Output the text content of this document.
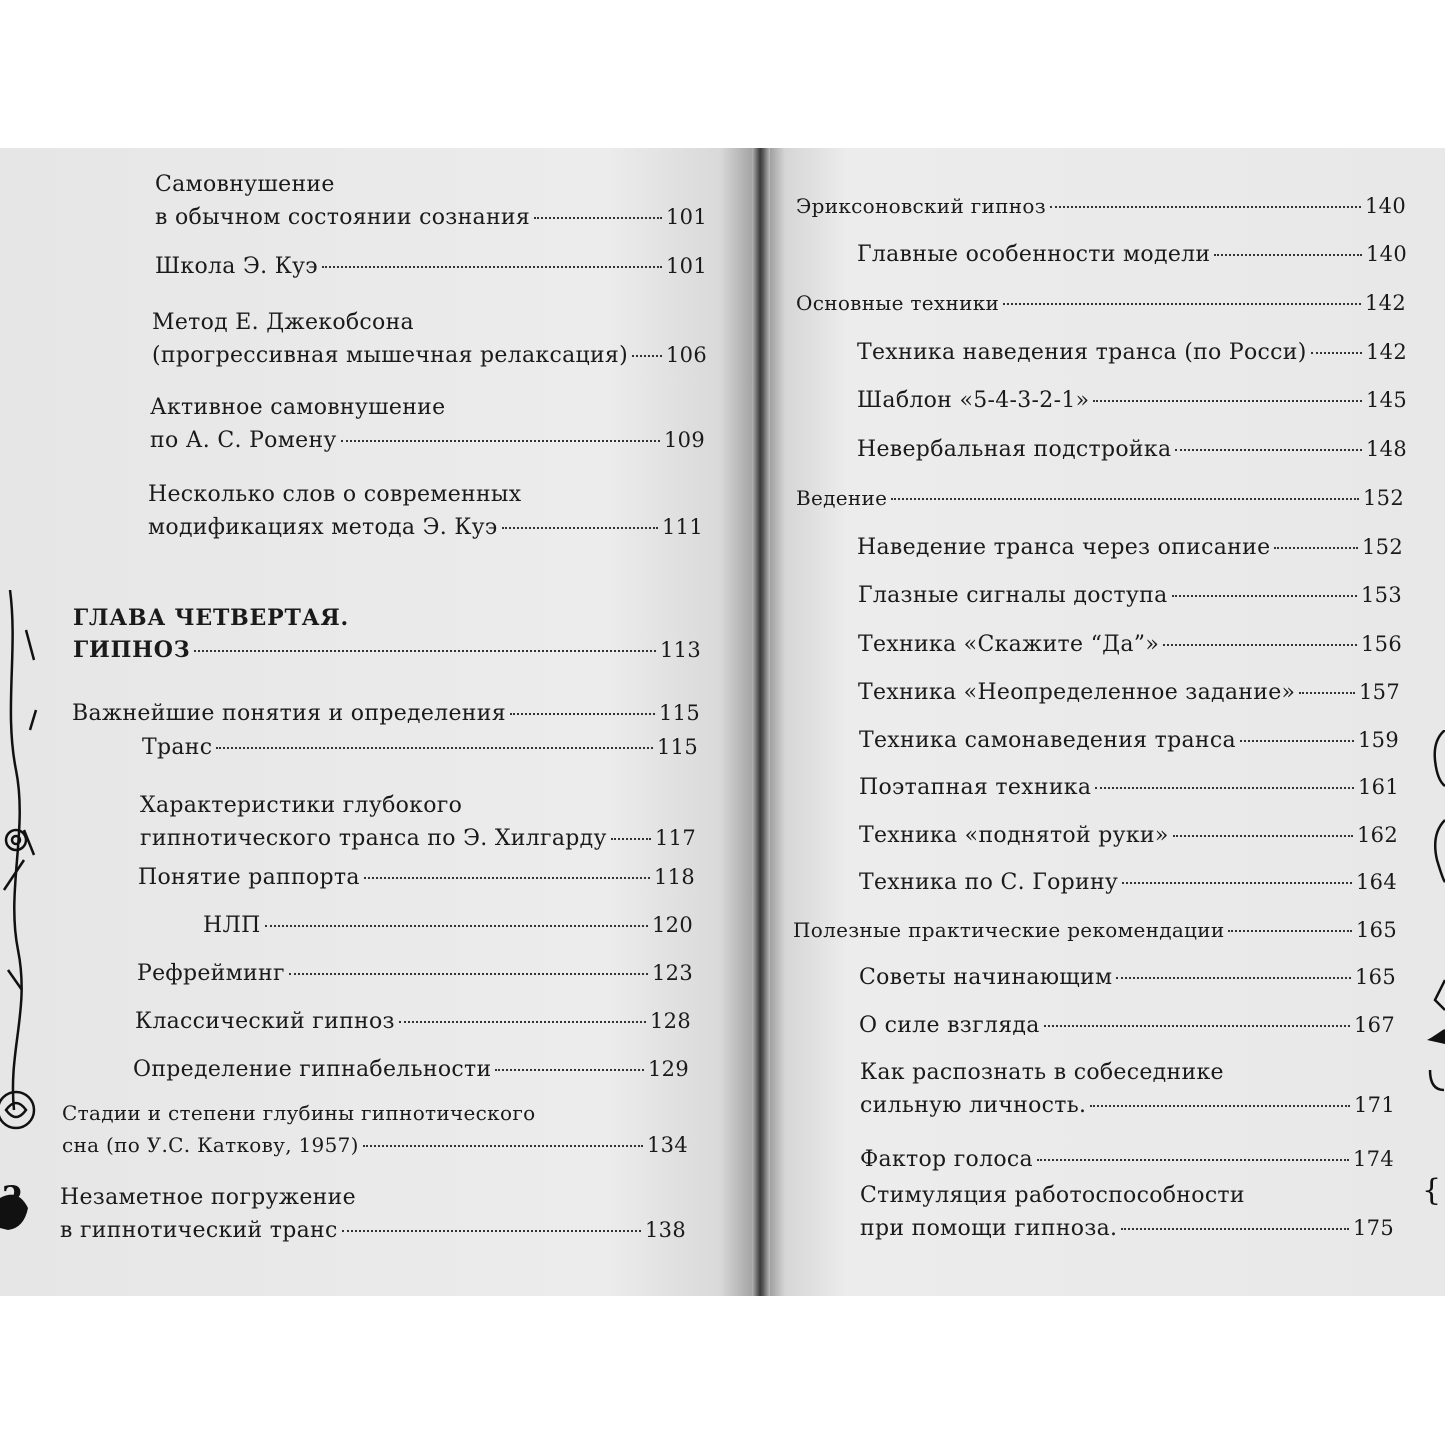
?	{
Самовнушение
в обычном состоянии сознания	101
Школа Э. Куэ	101
Метод Е. Джекобсона
(прогрессивная мышечная релаксация) 106
Активное самовнушение
по А. С. Ромену	109
Несколько слов о современных
модификациях метода Э. Куэ	111
ГЛАВА ЧЕТВЕРТАЯ.
ГИПНОЗ	113
Важнейшие понятия и определения	115
Транс	115
Характеристики глубокого
гипнотического транса по Э. Хилгарду 117
Понятие раппорта	118
НЛП	120
Рефрейминг	123
Классический гипноз	128
Определение гипнабельности	129
Стадии и степени глубины гипнотического
сна (по У.С. Каткову, 1957)	134
Незаметное погружение
в гипнотический транс	138
Эриксоновский гипноз	140
Главные особенности модели	140
Основные техники	142
Техника наведения транса (по Росси)	142
Шаблон «5-4-3-2-1»	145
Невербальная подстройка	148
Ведение	152
Наведение транса через описание	152
Глазные сигналы доступа	153
Техника «Скажите “Да”»	156
Техника «Неопределенное задание»	157
Техника самонаведения транса	159
Поэтапная техника	161
Техника «поднятой руки»	162
Техника по С. Горину	164
Полезные практические рекомендации	165
Советы начинающим	165
О силе взгляда	167
Как распознать в собеседнике
сильную личность.	171
Фактор голоса	174
Стимуляция работоспособности
при помощи гипноза.	175
